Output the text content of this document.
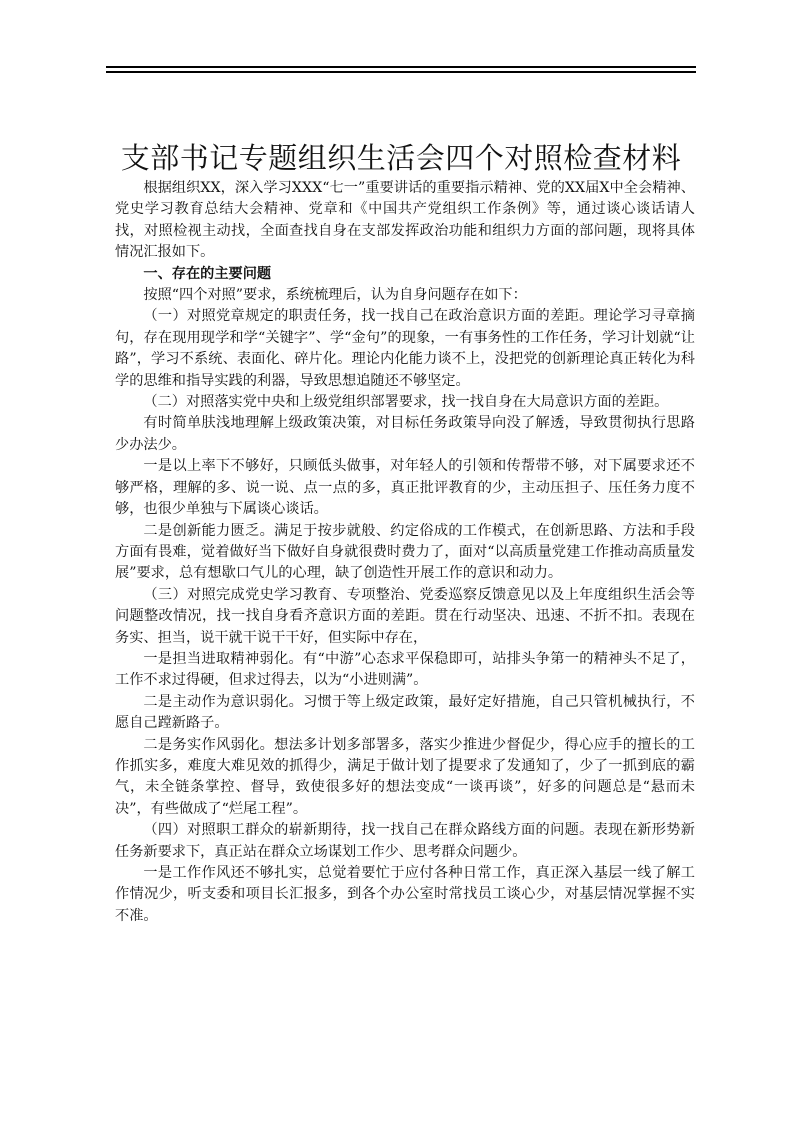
支部书记专题组织生活会四个对照检查材料

根据组织XX，深入学习XXX“七一”重要讲话的重要指示精神、党的XX届X中全会精神、党史学习教育总结大会精神、党章和《中国共产党组织工作条例》等，通过谈心谈话请人找，对照检视主动找，全面查找自身在支部发挥政治功能和组织力方面的部问题，现将具体情况汇报如下。

一、存在的主要问题

按照“四个对照”要求，系统梳理后，认为自身问题存在如下：

（一）对照党章规定的职责任务，找一找自己在政治意识方面的差距。理论学习寻章摘句，存在现用现学和学“关键字”、学“金句”的现象，一有事务性的工作任务，学习计划就“让路”，学习不系统、表面化、碎片化。理论内化能力谈不上，没把党的创新理论真正转化为科学的思维和指导实践的利器，导致思想追随还不够坚定。

（二）对照落实党中央和上级党组织部署要求，找一找自身在大局意识方面的差距。

有时简单肤浅地理解上级政策决策，对目标任务政策导向没了解透，导致贯彻执行思路少办法少。

一是以上率下不够好，只顾低头做事，对年轻人的引领和传帮带不够，对下属要求还不够严格，理解的多、说一说、点一点的多，真正批评教育的少，主动压担子、压任务力度不够，也很少单独与下属谈心谈话。

二是创新能力匮乏。满足于按步就般、约定俗成的工作模式，在创新思路、方法和手段方面有畏难，觉着做好当下做好自身就很费时费力了，面对“以高质量党建工作推动高质量发展”要求，总有想歇口气儿的心理，缺了创造性开展工作的意识和动力。

（三）对照完成党史学习教育、专项整治、党委巡察反馈意见以及上年度组织生活会等问题整改情况，找一找自身看齐意识方面的差距。贯在行动坚决、迅速、不折不扣。表现在务实、担当，说干就干说干干好，但实际中存在，

一是担当进取精神弱化。有“中游”心态求平保稳即可，站排头争第一的精神头不足了，工作不求过得硬，但求过得去，以为“小进则满”。

二是主动作为意识弱化。习惯于等上级定政策，最好定好措施，自己只管机械执行，不愿自己蹚新路子。

二是务实作风弱化。想法多计划多部署多，落实少推进少督促少，得心应手的擅长的工作抓实多，难度大难见效的抓得少，满足于做计划了提要求了发通知了，少了一抓到底的霸气，未全链条掌控、督导，致使很多好的想法变成“一谈再谈”，好多的问题总是“悬而未决”，有些做成了“烂尾工程”。

（四）对照职工群众的崭新期待，找一找自己在群众路线方面的问题。表现在新形势新任务新要求下，真正站在群众立场谋划工作少、思考群众问题少。

一是工作作风还不够扎实，总觉着要忙于应付各种日常工作，真正深入基层一线了解工作情况少，听支委和项目长汇报多，到各个办公室时常找员工谈心少，对基层情况掌握不实不准。
